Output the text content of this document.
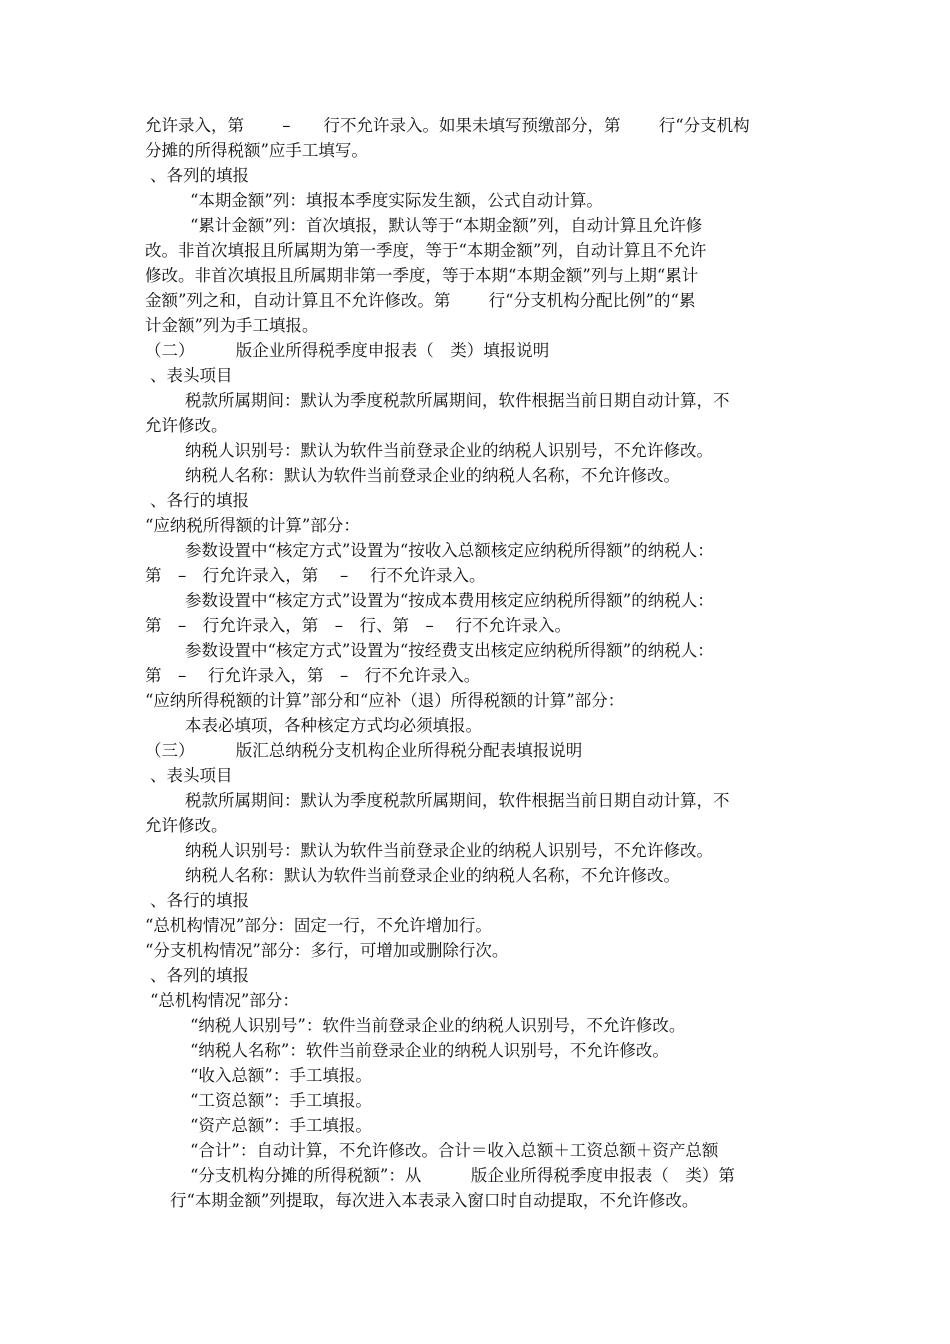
允许录入，第　　 –　　行不允许录入。如果未填写预缴部分，第　　 行“分支机构
分摊的所得税额”应手工填写。
、各列的填报
“本期金额”列：填报本季度实际发生额，公式自动计算。
“累计金额”列：首次填报，默认等于“本期金额”列，自动计算且允许修
改。非首次填报且所属期为第一季度，等于“本期金额”列，自动计算且不允许
修改。非首次填报且所属期非第一季度，等于本期“本期金额”列与上期“累计
金额”列之和，自动计算且不允许修改。第　　 行“分支机构分配比例”的“累
计金额”列为手工填报。
（二）　　　版企业所得税季度申报表（　类）填报说明
、表头项目
税款所属期间：默认为季度税款所属期间，软件根据当前日期自动计算，不
允许修改。
纳税人识别号：默认为软件当前登录企业的纳税人识别号，不允许修改。
纳税人名称：默认为软件当前登录企业的纳税人名称，不允许修改。
、各行的填报
“应纳税所得额的计算”部分：
参数设置中“核定方式”设置为“按收入总额核定应纳税所得额”的纳税人：
第　–　行允许录入，第　 –　 行不允许录入。
参数设置中“核定方式”设置为“按成本费用核定应纳税所得额”的纳税人：
第　–　行允许录入，第　–　行、第　–　 行不允许录入。
参数设置中“核定方式”设置为“按经费支出核定应纳税所得额”的纳税人：
第　–　 行允许录入，第　–　行不允许录入。
“应纳所得税额的计算”部分和“应补（退）所得税额的计算”部分：
本表必填项，各种核定方式均必须填报。
（三）　　　版汇总纳税分支机构企业所得税分配表填报说明
、表头项目
税款所属期间：默认为季度税款所属期间，软件根据当前日期自动计算，不
允许修改。
纳税人识别号：默认为软件当前登录企业的纳税人识别号，不允许修改。
纳税人名称：默认为软件当前登录企业的纳税人名称，不允许修改。
、各行的填报
“总机构情况”部分：固定一行，不允许增加行。
“分支机构情况”部分：多行，可增加或删除行次。
、各列的填报
“总机构情况”部分：
“纳税人识别号”：软件当前登录企业的纳税人识别号，不允许修改。
“纳税人名称”：软件当前登录企业的纳税人识别号，不允许修改。
“收入总额”：手工填报。
“工资总额”：手工填报。
“资产总额”：手工填报。
“合计”：自动计算，不允许修改。合计＝收入总额＋工资总额＋资产总额
“分支机构分摊的所得税额”：从　　　版企业所得税季度申报表（　类）第
行“本期金额”列提取，每次进入本表录入窗口时自动提取，不允许修改。
